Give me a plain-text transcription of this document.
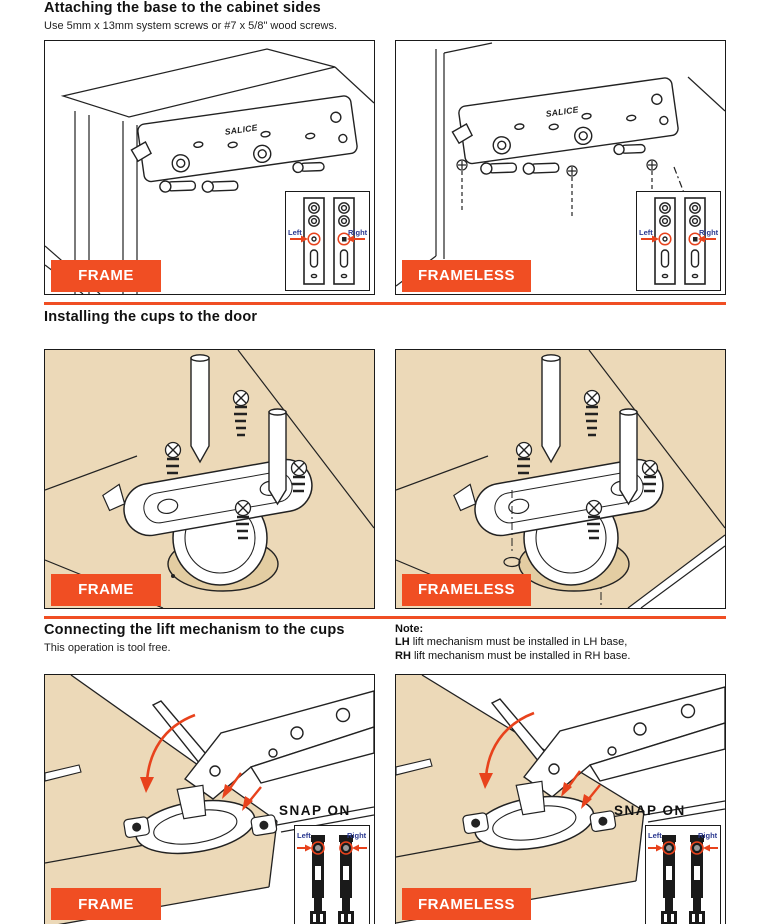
Attaching the base to the cabinet sides
Use 5mm x 13mm system screws or #7 x 5/8" wood screws.
SALICE
FRAME
Left	Right
SALICE
FRAMELESS
Left	Right
Installing the cups to the door
FRAME	FRAMELESS
Connecting the lift mechanism to the cups
This operation is tool free.
Note:
LH lift mechanism must be installed in LH base,
RH lift mechanism must be installed in RH base.
SNAP ON
Left	Right
FRAME
SNAP ON
Left	Right
FRAMELESS
